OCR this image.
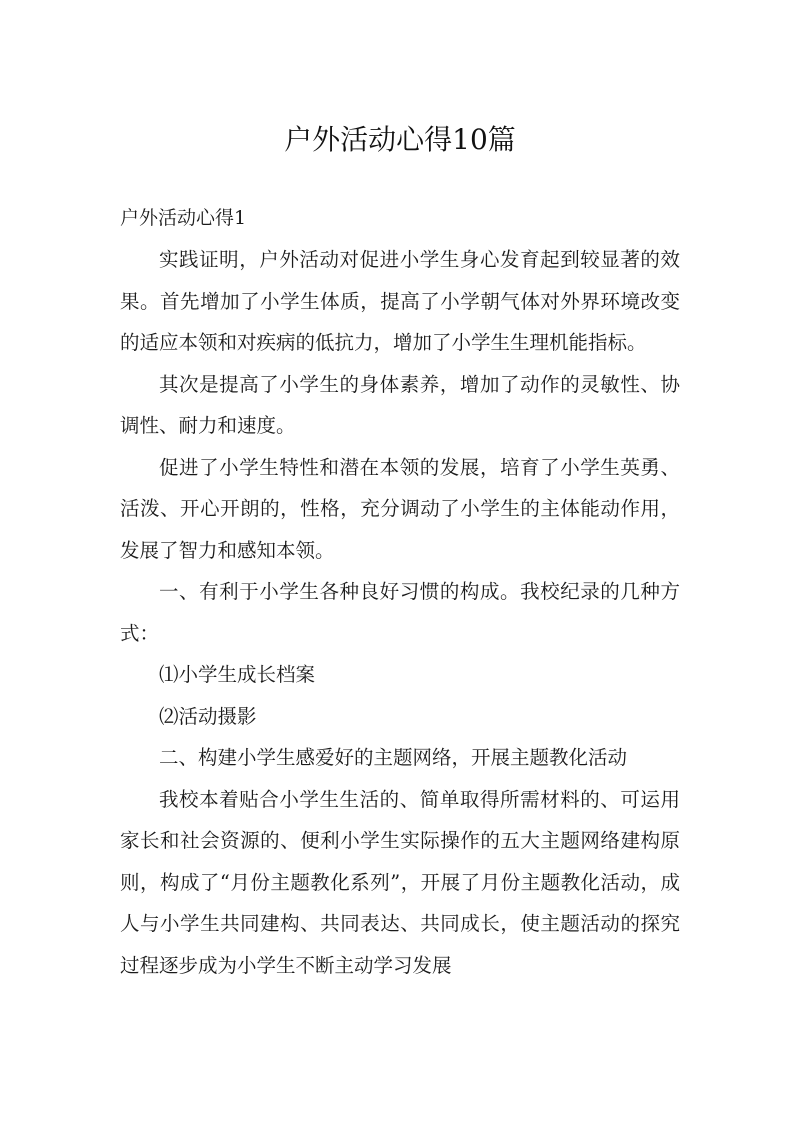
户外活动心得10篇
户外活动心得1

实践证明，户外活动对促进小学生身心发育起到较显著的效果。首先增加了小学生体质，提高了小学朝气体对外界环境改变的适应本领和对疾病的低抗力，增加了小学生生理机能指标。

其次是提高了小学生的身体素养，增加了动作的灵敏性、协调性、耐力和速度。

促进了小学生特性和潜在本领的发展，培育了小学生英勇、活泼、开心开朗的，性格，充分调动了小学生的主体能动作用，发展了智力和感知本领。

一、有利于小学生各种良好习惯的构成。我校纪录的几种方式：

⑴小学生成长档案

⑵活动摄影

二、构建小学生感爱好的主题网络，开展主题教化活动

我校本着贴合小学生生活的、简单取得所需材料的、可运用家长和社会资源的、便利小学生实际操作的五大主题网络建构原则，构成了“月份主题教化系列”，开展了月份主题教化活动，成人与小学生共同建构、共同表达、共同成长，使主题活动的探究过程逐步成为小学生不断主动学习发展
